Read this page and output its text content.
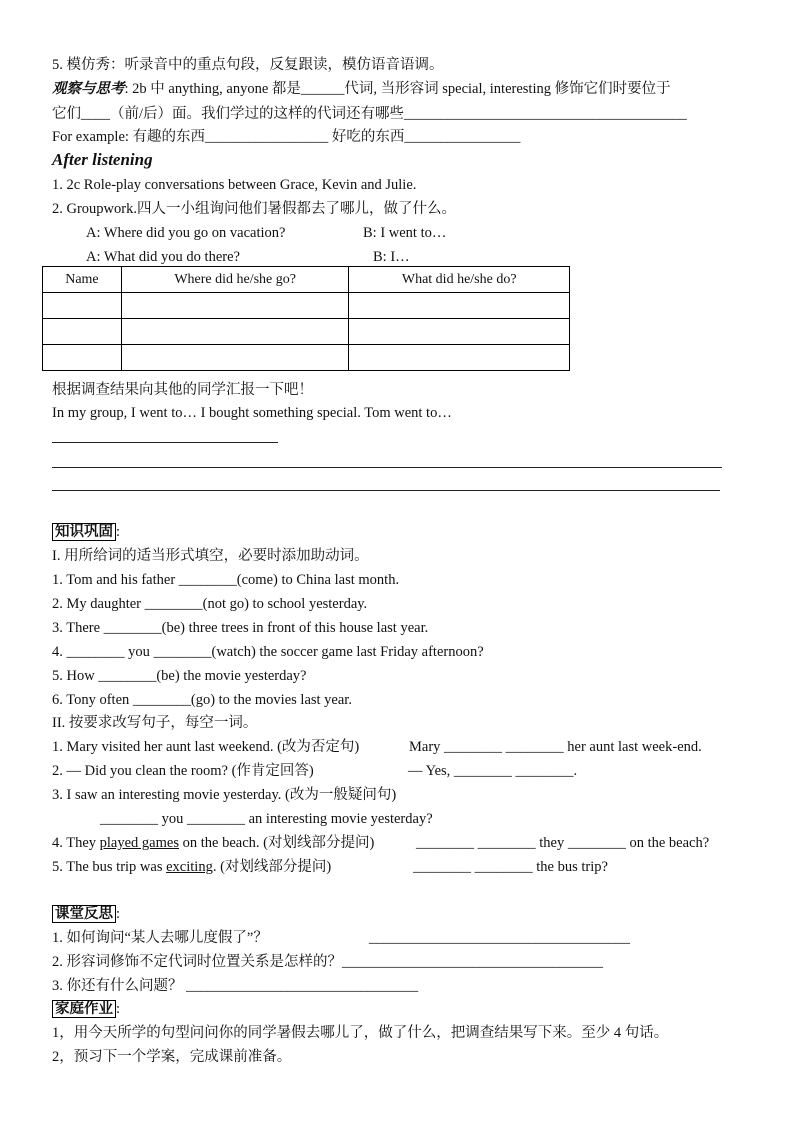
5. 模仿秀：听录音中的重点句段，反复跟读，模仿语音语调。
观察与思考: 2b 中 anything, anyone 都是______代词, 当形容词 special, interesting 修饰它们时要位于
它们____（前/后）面。我们学过的这样的代词还有哪些_______________________________________
For example: 有趣的东西_________________ 好吃的东西________________
After listening
1. 2c Role-play conversations between Grace, Kevin and Julie.
2. Groupwork.四人一小组询问他们暑假都去了哪儿，做了什么。
A: Where did you go on vacation?	B: I went to…
A: What did you do there?	B: I…
Name	Where did he/she go?	What did he/she do?

根据调查结果向其他的同学汇报一下吧！
In my group, I went to… I bought something special. Tom went to…
知识巩固 :
I. 用所给词的适当形式填空，必要时添加助动词。
1. Tom and his father ________(come) to China last month.
2. My daughter ________(not go) to school yesterday.
3. There ________(be) three trees in front of this house last year.
4. ________ you ________(watch) the soccer game last Friday afternoon?
5. How ________(be) the movie yesterday?
6. Tony often ________(go) to the movies last year.
II. 按要求改写句子，每空一词。
1. Mary visited her aunt last weekend. (改为否定句)	Mary ________ ________ her aunt last week-end.
2. — Did you clean the room? (作肯定回答)	— Yes, ________ ________.
3. I saw an interesting movie yesterday. (改为一般疑问句)
________ you ________ an interesting movie yesterday?
4. They played games on the beach. (对划线部分提问)	________ ________ they ________ on the beach?
5. The bus trip was exciting. (对划线部分提问)	________ ________ the bus trip?
课堂反思 :
1. 如何询问“某人去哪儿度假了”？	____________________________________
2. 形容词修饰不定代词时位置关系是怎样的？____________________________________
3. 你还有什么问题？ ________________________________
家庭作业 :
1，用今天所学的句型问问你的同学暑假去哪儿了，做了什么，把调查结果写下来。至少 4 句话。
2，预习下一个学案，完成课前准备。
